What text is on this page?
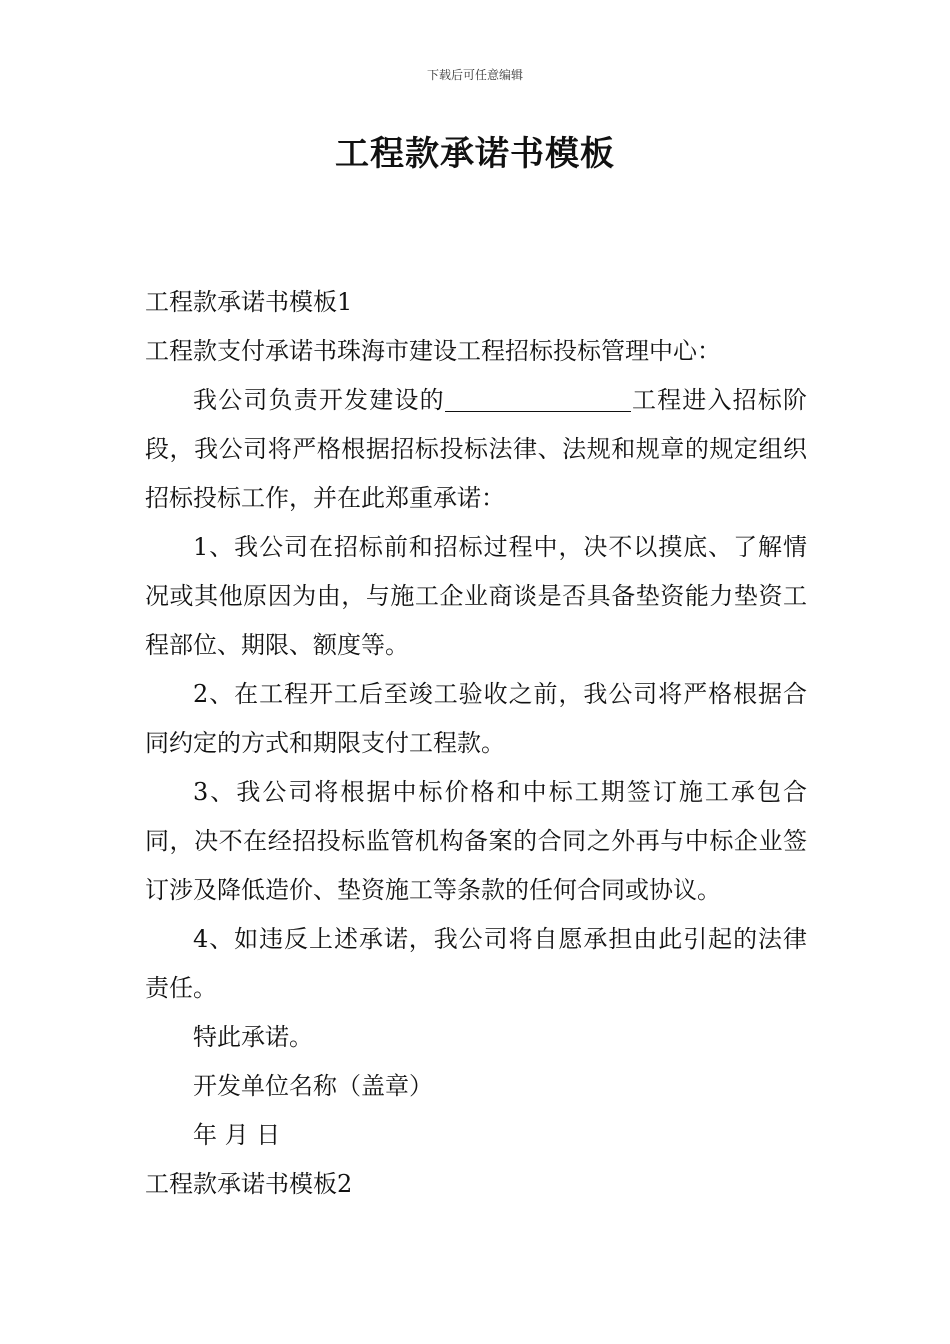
下载后可任意编辑
工程款承诺书模板

工程款承诺书模板1

工程款支付承诺书珠海市建设工程招标投标管理中心：

我公司负责开发建设的	工程进入招标阶段，我公司将严格根据招标投标法律、法规和规章的规定组织招标投标工作，并在此郑重承诺：

1、我公司在招标前和招标过程中，决不以摸底、了解情况或其他原因为由，与施工企业商谈是否具备垫资能力垫资工程部位、期限、额度等。

2、在工程开工后至竣工验收之前，我公司将严格根据合同约定的方式和期限支付工程款。

3、我公司将根据中标价格和中标工期签订施工承包合同，决不在经招投标监管机构备案的合同之外再与中标企业签订涉及降低造价、垫资施工等条款的任何合同或协议。

4、如违反上述承诺，我公司将自愿承担由此引起的法律责任。

特此承诺。

开发单位名称（盖章）

年 月 日

工程款承诺书模板2
